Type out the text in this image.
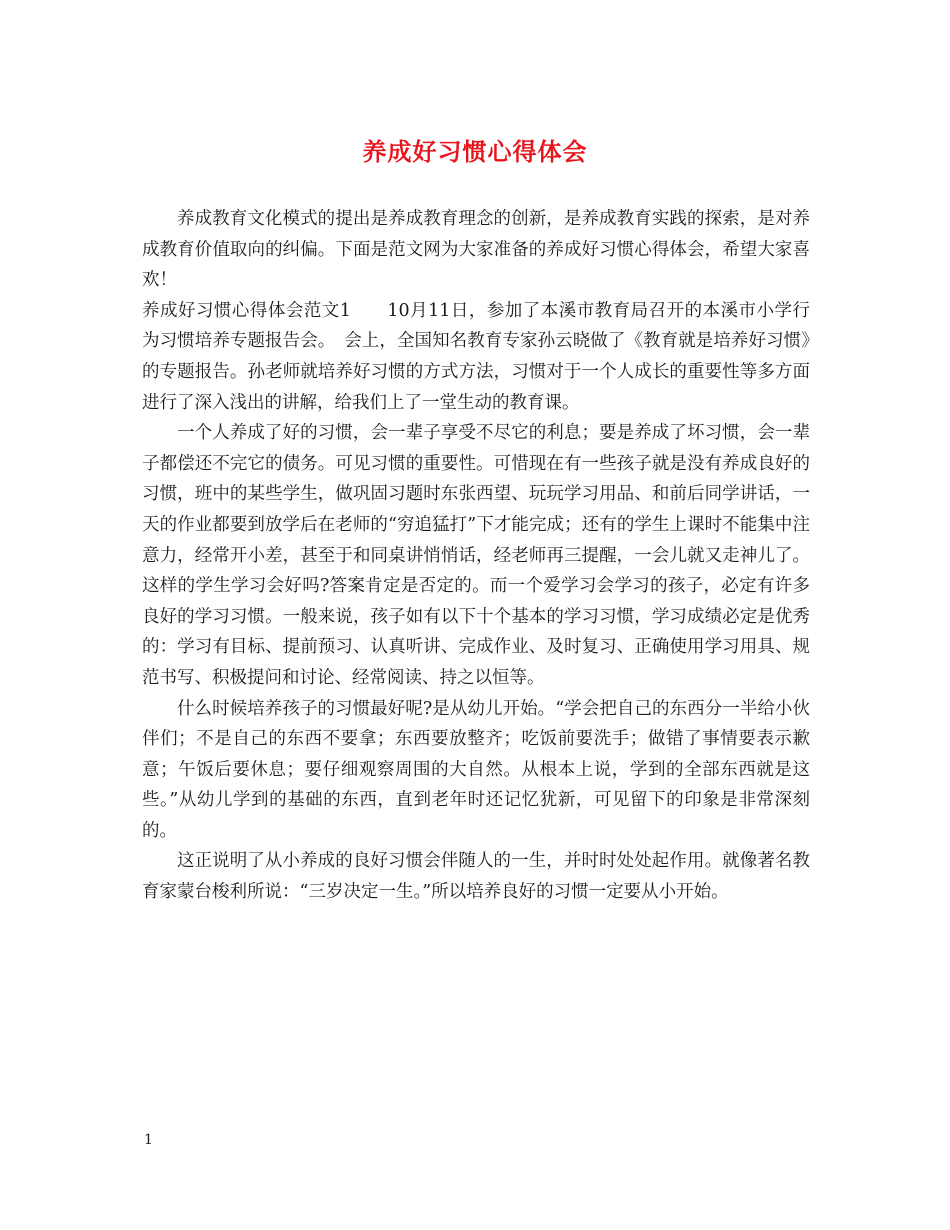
养成好习惯心得体会

养成教育文化模式的提出是养成教育理念的创新，是养成教育实践的探索，是对养成教育价值取向的纠偏。下面是范文网为大家准备的养成好习惯心得体会，希望大家喜欢！

养成好习惯心得体会范文1　　10月11日，参加了本溪市教育局召开的本溪市小学行为习惯培养专题报告会。　会上，全国知名教育专家孙云晓做了《教育就是培养好习惯》的专题报告。孙老师就培养好习惯的方式方法，习惯对于一个人成长的重要性等多方面进行了深入浅出的讲解，给我们上了一堂生动的教育课。

一个人养成了好的习惯，会一辈子享受不尽它的利息；要是养成了坏习惯，会一辈子都偿还不完它的债务。可见习惯的重要性。可惜现在有一些孩子就是没有养成良好的习惯，班中的某些学生，做巩固习题时东张西望、玩玩学习用品、和前后同学讲话，一天的作业都要到放学后在老师的“穷追猛打”下才能完成；还有的学生上课时不能集中注意力，经常开小差，甚至于和同桌讲悄悄话，经老师再三提醒，一会儿就又走神儿了。这样的学生学习会好吗?答案肯定是否定的。而一个爱学习会学习的孩子，必定有许多良好的学习习惯。一般来说，孩子如有以下十个基本的学习习惯，学习成绩必定是优秀的：学习有目标、提前预习、认真听讲、完成作业、及时复习、正确使用学习用具、规范书写、积极提问和讨论、经常阅读、持之以恒等。

什么时候培养孩子的习惯最好呢?是从幼儿开始。“学会把自己的东西分一半给小伙伴们；不是自己的东西不要拿；东西要放整齐；吃饭前要洗手；做错了事情要表示歉意；午饭后要休息；要仔细观察周围的大自然。从根本上说，学到的全部东西就是这些。”从幼儿学到的基础的东西，直到老年时还记忆犹新，可见留下的印象是非常深刻的。

这正说明了从小养成的良好习惯会伴随人的一生，并时时处处起作用。就像著名教育家蒙台梭利所说：“三岁决定一生。”所以培养良好的习惯一定要从小开始。

1
